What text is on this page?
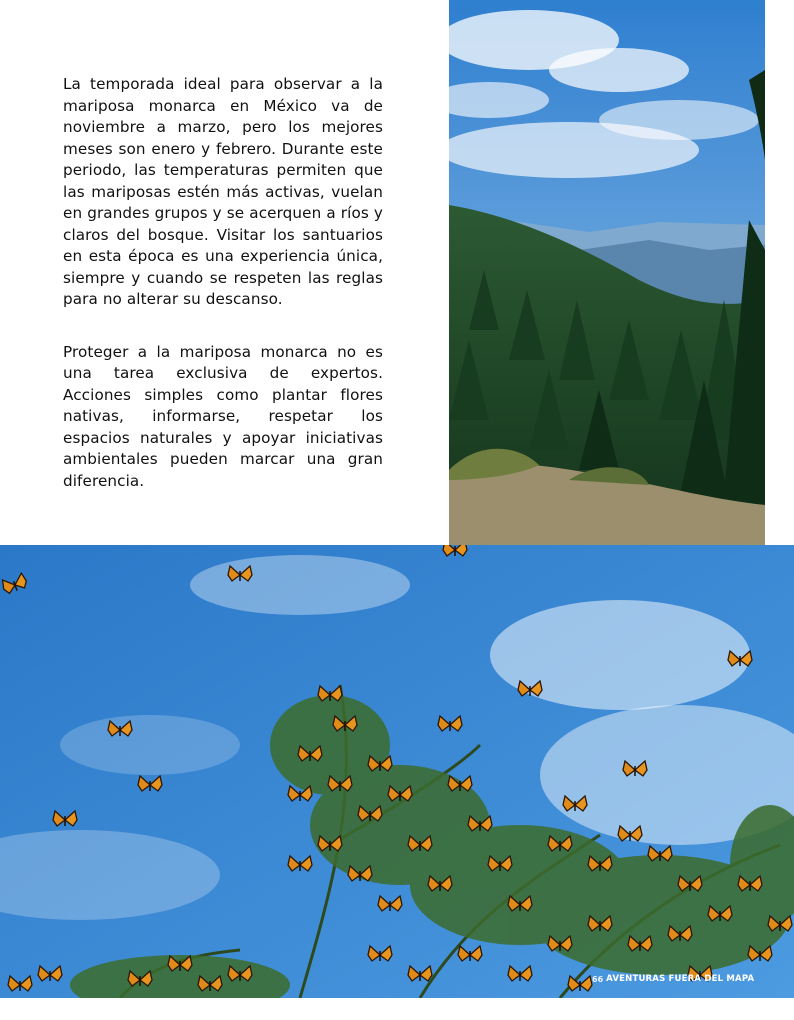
La temporada ideal para observar a la mariposa monarca en México va de noviembre a marzo, pero los mejores meses son enero y febrero. Durante este periodo, las temperaturas permiten que las mariposas estén más activas, vuelan en grandes grupos y se acerquen a ríos y claros del bosque. Visitar los santuarios en esta época es una experiencia única, siempre y cuando se respeten las reglas para no alterar su descanso.

Proteger a la mariposa monarca no es una tarea exclusiva de expertos. Acciones simples como plantar flores nativas, informarse, respetar los espacios naturales y apoyar iniciativas ambientales pueden marcar una gran diferencia.

66 AVENTURAS FUERA DEL MAPA
